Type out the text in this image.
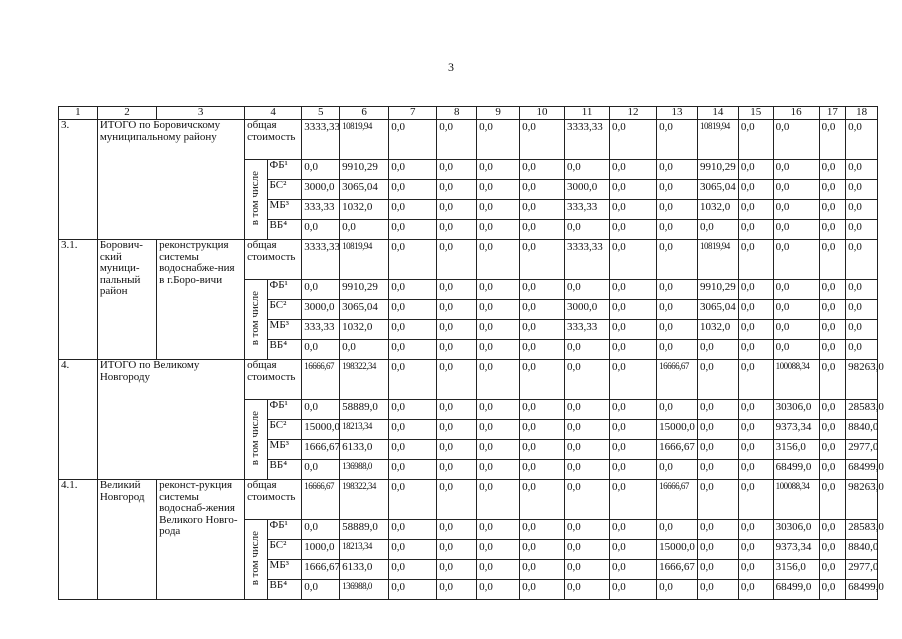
3
1	2	3	4		5	6	7	8	9	10	11	12	13	14	15	16	17	18
3.	ИТОГО по Боровичскому муниципальному району		общая стоимость		3333,33	10819,94	0,0	0,0	0,0	0,0	3333,33	0,0	0,0	10819,94	0,0	0,0	0,0	0,0
			в том числе	ФБ¹	0,0	9910,29	0,0	0,0	0,0	0,0	0,0	0,0	0,0	9910,29	0,0	0,0	0,0	0,0
				БС²	3000,0	3065,04	0,0	0,0	0,0	0,0	3000,0	0,0	0,0	3065,04	0,0	0,0	0,0	0,0
				МБ³	333,33	1032,0	0,0	0,0	0,0	0,0	333,33	0,0	0,0	1032,0	0,0	0,0	0,0	0,0
				ВБ⁴	0,0	0,0	0,0	0,0	0,0	0,0	0,0	0,0	0,0	0,0	0,0	0,0	0,0	0,0
3.1.	Борович-ский муници-пальный район	реконструкция системы водоснабже-ния в г.Боро-вичи	общая стоимость		3333,33	10819,94	0,0	0,0	0,0	0,0	3333,33	0,0	0,0	10819,94	0,0	0,0	0,0	0,0
			в том числе	ФБ¹	0,0	9910,29	0,0	0,0	0,0	0,0	0,0	0,0	0,0	9910,29	0,0	0,0	0,0	0,0
				БС²	3000,0	3065,04	0,0	0,0	0,0	0,0	3000,0	0,0	0,0	3065,04	0,0	0,0	0,0	0,0
				МБ³	333,33	1032,0	0,0	0,0	0,0	0,0	333,33	0,0	0,0	1032,0	0,0	0,0	0,0	0,0
				ВБ⁴	0,0	0,0	0,0	0,0	0,0	0,0	0,0	0,0	0,0	0,0	0,0	0,0	0,0	0,0
4.	ИТОГО по Великому Новгороду		общая стоимость		16666,67	198322,34	0,0	0,0	0,0	0,0	0,0	0,0	16666,67	0,0	0,0	100088,34	0,0	98263,0
			в том числе	ФБ¹	0,0	58889,0	0,0	0,0	0,0	0,0	0,0	0,0	0,0	0,0	0,0	30306,0	0,0	28583,0
				БС²	15000,0	18213,34	0,0	0,0	0,0	0,0	0,0	0,0	15000,0	0,0	0,0	9373,34	0,0	8840,0
				МБ³	1666,67	6133,0	0,0	0,0	0,0	0,0	0,0	0,0	1666,67	0,0	0,0	3156,0	0,0	2977,0
				ВБ⁴	0,0	136988,0	0,0	0,0	0,0	0,0	0,0	0,0	0,0	0,0	0,0	68499,0	0,0	68499,0
4.1.	Великий Новгород	реконст-рукция системы водоснаб-жения Великого Новго-рода	общая стоимость		16666,67	198322,34	0,0	0,0	0,0	0,0	0,0	0,0	16666,67	0,0	0,0	100088,34	0,0	98263,0
			в том числе	ФБ¹	0,0	58889,0	0,0	0,0	0,0	0,0	0,0	0,0	0,0	0,0	0,0	30306,0	0,0	28583,0
				БС²	1000,0	18213,34	0,0	0,0	0,0	0,0	0,0	0,0	15000,0	0,0	0,0	9373,34	0,0	8840,0
				МБ³	1666,67	6133,0	0,0	0,0	0,0	0,0	0,0	0,0	1666,67	0,0	0,0	3156,0	0,0	2977,0
				ВБ⁴	0,0	136988,0	0,0	0,0	0,0	0,0	0,0	0,0	0,0	0,0	0,0	68499,0	0,0	68499,0
